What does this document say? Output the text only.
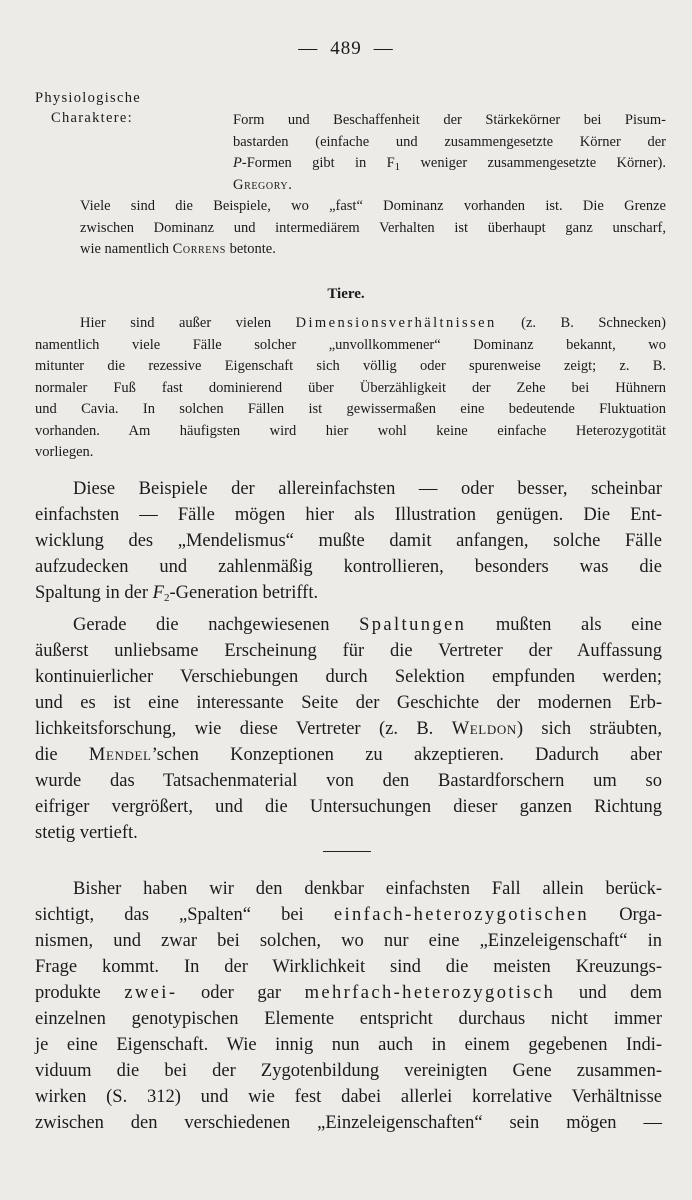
— 489 —
Physiologische
Charaktere:	Form und Beschaffenheit der Stärkekörner bei Pisum-
bastarden (einfache und zusammengesetzte Körner der
P-Formen gibt in $F_1$ weniger zusammengesetzte Körner).
Gregory.
Viele sind die Beispiele, wo „fast“ Dominanz vorhanden ist. Die Grenze
zwischen Dominanz und intermediärem Verhalten ist überhaupt ganz unscharf,
wie namentlich Correns betonte.
Tiere.
Hier sind außer vielen Dimensionsverhältnissen (z. B. Schnecken)
namentlich viele Fälle solcher „unvollkommener“ Dominanz bekannt, wo
mitunter die rezessive Eigenschaft sich völlig oder spurenweise zeigt; z. B.
normaler Fuß fast dominierend über Überzähligkeit der Zehe bei Hühnern
und Cavia. In solchen Fällen ist gewissermaßen eine bedeutende Fluktuation
vorhanden. Am häufigsten wird hier wohl keine einfache Heterozygotität
vorliegen.
Diese Beispiele der allereinfachsten — oder besser, scheinbar
einfachsten — Fälle mögen hier als Illustration genügen. Die Ent-
wicklung des „Mendelismus“ mußte damit anfangen, solche Fälle
aufzudecken und zahlenmäßig kontrollieren, besonders was die
Spaltung in der $F_2$-Generation betrifft.
Gerade die nachgewiesenen Spaltungen mußten als eine
äußerst unliebsame Erscheinung für die Vertreter der Auffassung
kontinuierlicher Verschiebungen durch Selektion empfunden werden;
und es ist eine interessante Seite der Geschichte der modernen Erb-
lichkeitsforschung, wie diese Vertreter (z. B. Weldon) sich sträubten,
die Mendel’schen Konzeptionen zu akzeptieren. Dadurch aber
wurde das Tatsachenmaterial von den Bastardforschern um so
eifriger vergrößert, und die Untersuchungen dieser ganzen Richtung
stetig vertieft.
Bisher haben wir den denkbar einfachsten Fall allein berück-
sichtigt, das „Spalten“ bei einfach-heterozygotischen Orga-
nismen, und zwar bei solchen, wo nur eine „Einzeleigenschaft“ in
Frage kommt. In der Wirklichkeit sind die meisten Kreuzungs-
produkte zwei- oder gar mehrfach-heterozygotisch und dem
einzelnen genotypischen Elemente entspricht durchaus nicht immer
je eine Eigenschaft. Wie innig nun auch in einem gegebenen Indi-
viduum die bei der Zygotenbildung vereinigten Gene zusammen-
wirken (S. 312) und wie fest dabei allerlei korrelative Verhältnisse
zwischen den verschiedenen „Einzeleigenschaften“ sein mögen —
